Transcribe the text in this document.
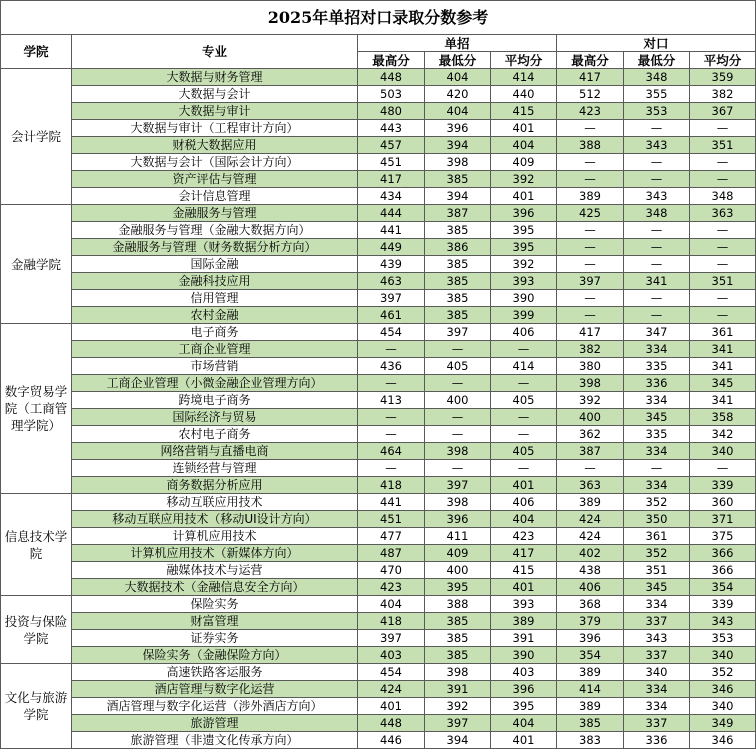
2025年单招对口录取分数参考							
学院	专业	单招			对口		
		最高分	最低分	平均分	最高分	最低分	平均分
会计学院	大数据与财务管理	448	404	414	417	348	359
	大数据与会计	503	420	440	512	355	382
	大数据与审计	480	404	415	423	353	367
	大数据与审计（工程审计方向）	443	396	401	—	—	—
	财税大数据应用	457	394	404	388	343	351
	大数据与会计（国际会计方向）	451	398	409	—	—	—
	资产评估与管理	417	385	392	—	—	—
	会计信息管理	434	394	401	389	343	348
金融学院	金融服务与管理	444	387	396	425	348	363
	金融服务与管理（金融大数据方向）	441	385	395	—	—	—
	金融服务与管理（财务数据分析方向）	449	386	395	—	—	—
	国际金融	439	385	392	—	—	—
	金融科技应用	463	385	393	397	341	351
	信用管理	397	385	390	—	—	—
	农村金融	461	385	399	—	—	—
数字贸易学院（工商管理学院）	电子商务	454	397	406	417	347	361
	工商企业管理	—	—	—	382	334	341
	市场营销	436	405	414	380	335	341
	工商企业管理（小微金融企业管理方向）	—	—	—	398	336	345
	跨境电子商务	413	400	405	392	334	341
	国际经济与贸易	—	—	—	400	345	358
	农村电子商务	—	—	—	362	335	342
	网络营销与直播电商	464	398	405	387	334	340
	连锁经营与管理	—	—	—	—	—	—
	商务数据分析应用	418	397	401	363	334	339
信息技术学院	移动互联应用技术	441	398	406	389	352	360
	移动互联应用技术（移动UI设计方向）	451	396	404	424	350	371
	计算机应用技术	477	411	423	424	361	375
	计算机应用技术（新媒体方向）	487	409	417	402	352	366
	融媒体技术与运营	470	400	415	438	351	366
	大数据技术（金融信息安全方向）	423	395	401	406	345	354
投资与保险学院	保险实务	404	388	393	368	334	339
	财富管理	418	385	389	379	337	343
	证券实务	397	385	391	396	343	353
	保险实务（金融保险方向）	403	385	390	354	337	340
文化与旅游学院	高速铁路客运服务	454	398	403	389	340	352
	酒店管理与数字化运营	424	391	396	414	334	346
	酒店管理与数字化运营（涉外酒店方向）	401	392	395	389	334	340
	旅游管理	448	397	404	385	337	349
	旅游管理（非遗文化传承方向）	446	394	401	383	336	346
